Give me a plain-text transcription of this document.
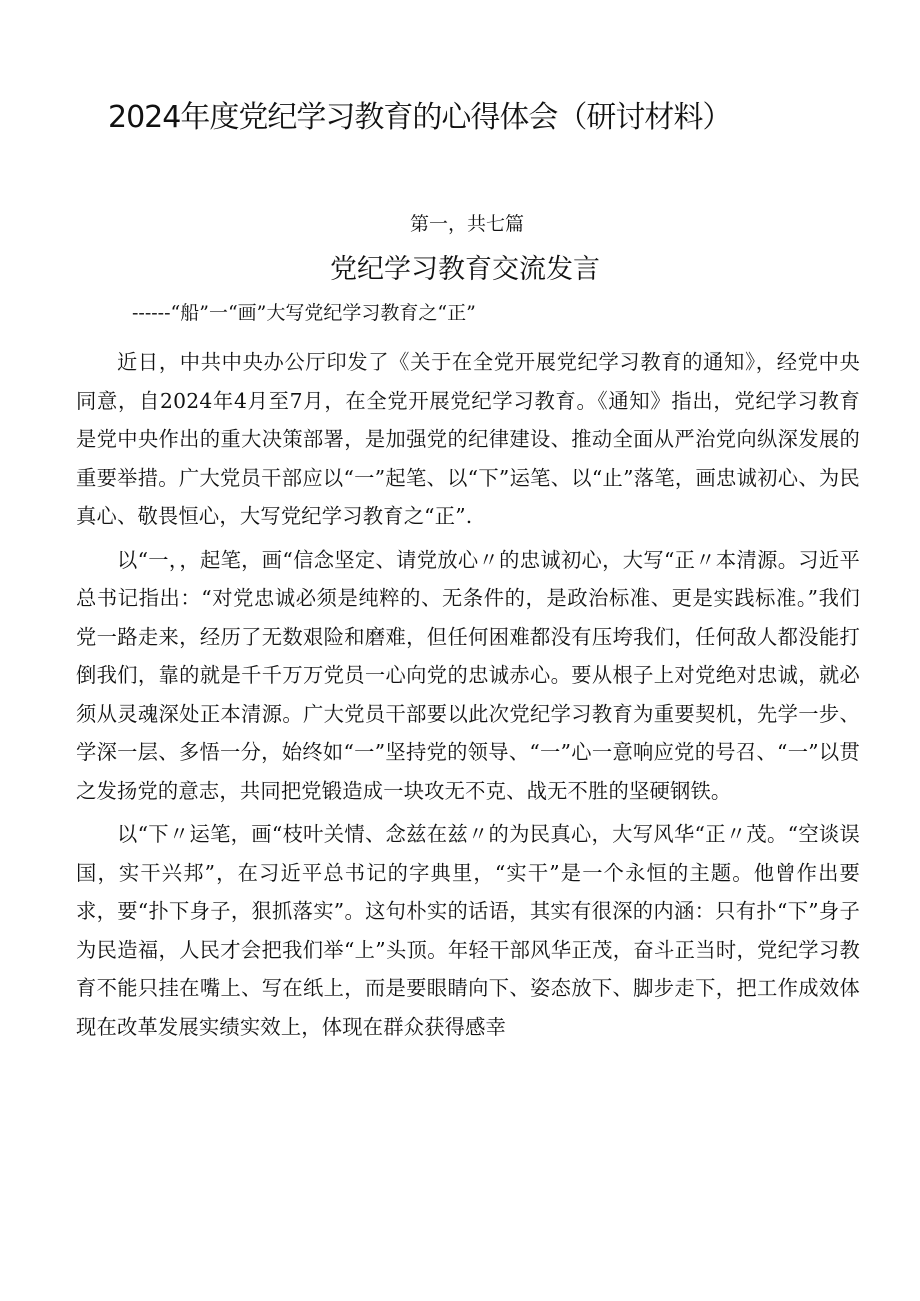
2024年度党纪学习教育的心得体会（研讨材料）

第一，共七篇

党纪学习教育交流发言

------“船”一“画”大写党纪学习教育之“正”

近日，中共中央办公厅印发了《关于在全党开展党纪学习教育的通知》，经党中央同意，自2024年4月至7月，在全党开展党纪学习教育。《通知》指出，党纪学习教育是党中央作出的重大决策部署，是加强党的纪律建设、推动全面从严治党向纵深发展的重要举措。广大党员干部应以“一”起笔、以“下”运笔、以“止”落笔，画忠诚初心、为民真心、敬畏恒心，大写党纪学习教育之“正”.

以“一，，起笔，画“信念坚定、请党放心〃的忠诚初心，大写“正〃本清源。习近平总书记指出：“对党忠诚必须是纯粹的、无条件的，是政治标准、更是实践标准。”我们党一路走来，经历了无数艰险和磨难，但任何困难都没有压垮我们，任何敌人都没能打倒我们，靠的就是千千万万党员一心向党的忠诚赤心。要从根子上对党绝对忠诚，就必须从灵魂深处正本清源。广大党员干部要以此次党纪学习教育为重要契机，先学一步、学深一层、多悟一分，始终如“一”坚持党的领导、“一”心一意响应党的号召、“一”以贯之发扬党的意志，共同把党锻造成一块攻无不克、战无不胜的坚硬钢铁。

以“下〃运笔，画“枝叶关情、念兹在兹〃的为民真心，大写风华“正〃茂。“空谈误国，实干兴邦”，在习近平总书记的字典里，“实干”是一个永恒的主题。他曾作出要求，要“扑下身子，狠抓落实”。这句朴实的话语，其实有很深的内涵：只有扑“下”身子为民造福，人民才会把我们举“上”头顶。年轻干部风华正茂，奋斗正当时，党纪学习教育不能只挂在嘴上、写在纸上，而是要眼睛向下、姿态放下、脚步走下，把工作成效体现在改革发展实绩实效上，体现在群众获得感幸
